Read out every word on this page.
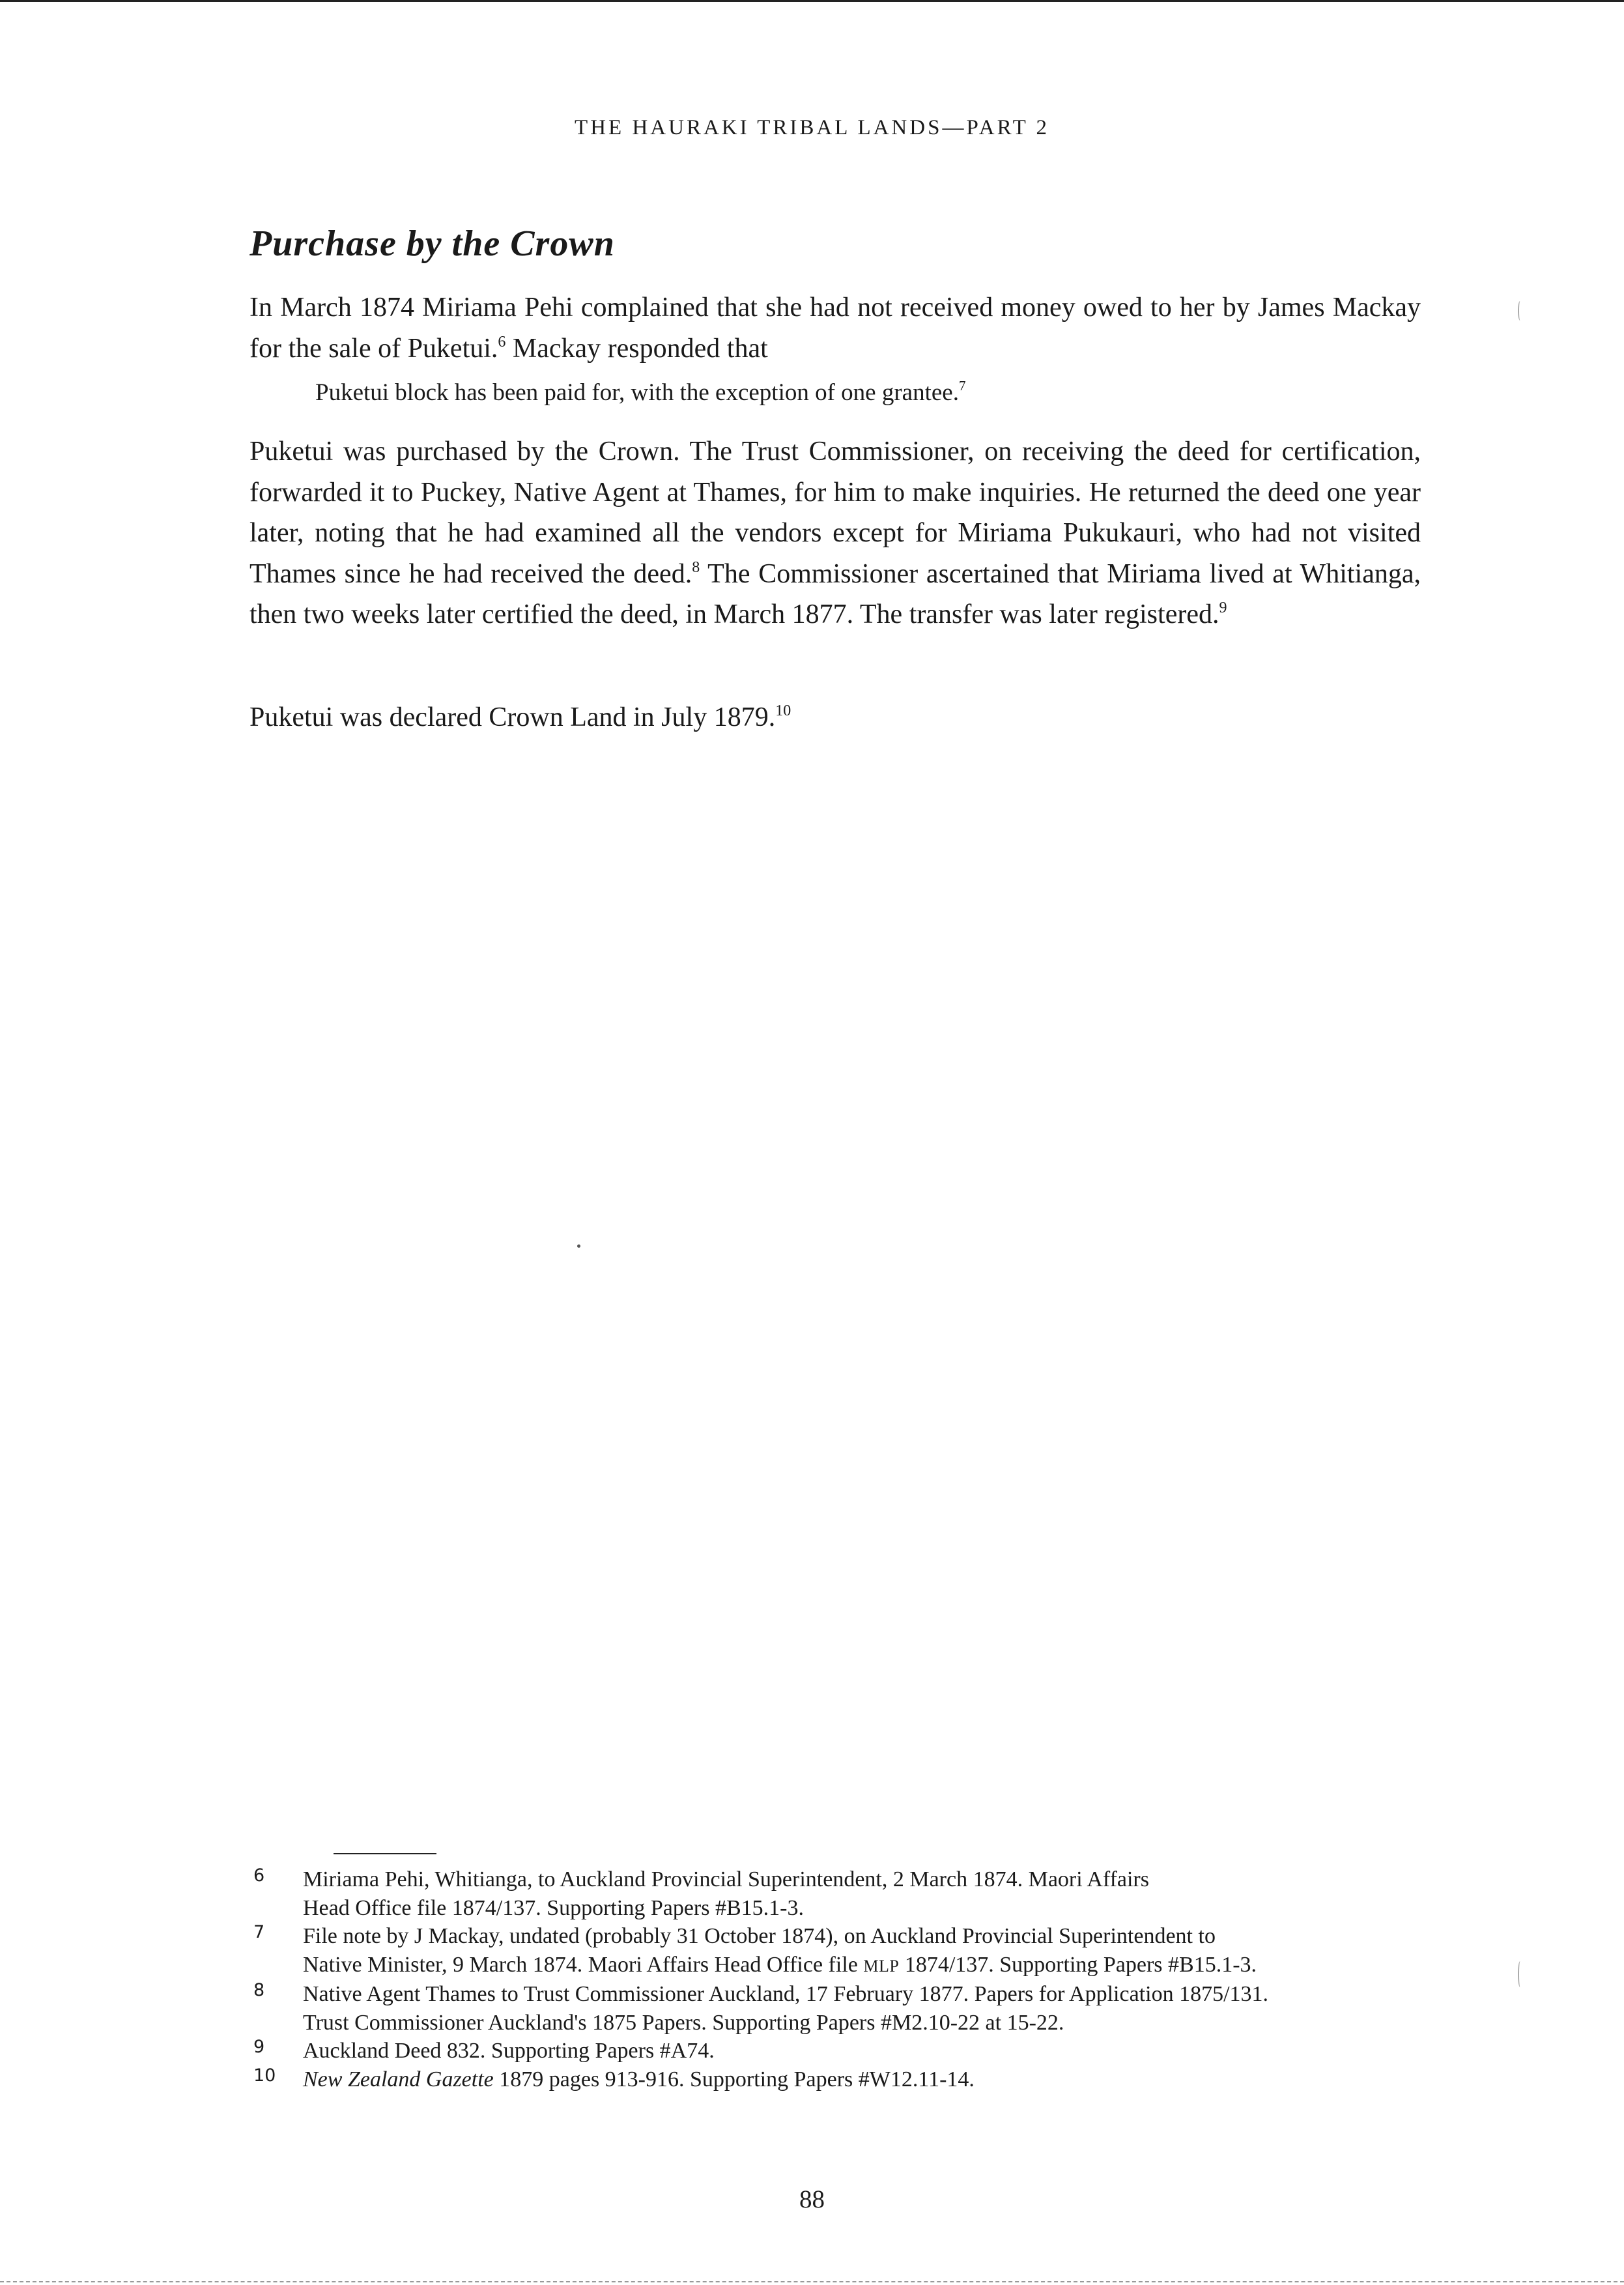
THE HAURAKI TRIBAL LANDS—PART 2
Purchase by the Crown

In March 1874 Miriama Pehi complained that she had not received money owed to her by James Mackay for the sale of Puketui.$^6$ Mackay responded that

Puketui block has been paid for, with the exception of one grantee.$^7$

Puketui was purchased by the Crown. The Trust Commissioner, on receiving the deed for certification, forwarded it to Puckey, Native Agent at Thames, for him to make inquiries. He returned the deed one year later, noting that he had examined all the vendors except for Miriama Pukukauri, who had not visited Thames since he had received the deed.$^8$ The Commissioner ascertained that Miriama lived at Whitianga, then two weeks later certified the deed, in March 1877. The transfer was later registered.$^9$

Puketui was declared Crown Land in July 1879.10

6 Miriama Pehi, Whitianga, to Auckland Provincial Superintendent, 2 March 1874. Maori Affairs
Head Office file 1874/137. Supporting Papers #B15.1-3.
7 File note by J Mackay, undated (probably 31 October 1874), on Auckland Provincial Superintendent to
Native Minister, 9 March 1874. Maori Affairs Head Office file MLP 1874/137. Supporting Papers #B15.1-3.
8 Native Agent Thames to Trust Commissioner Auckland, 17 February 1877. Papers for Application 1875/131.
Trust Commissioner Auckland's 1875 Papers. Supporting Papers #M2.10-22 at 15-22.
9 Auckland Deed 832. Supporting Papers #A74.
10 New Zealand Gazette 1879 pages 913-916. Supporting Papers #W12.11-14.
88
